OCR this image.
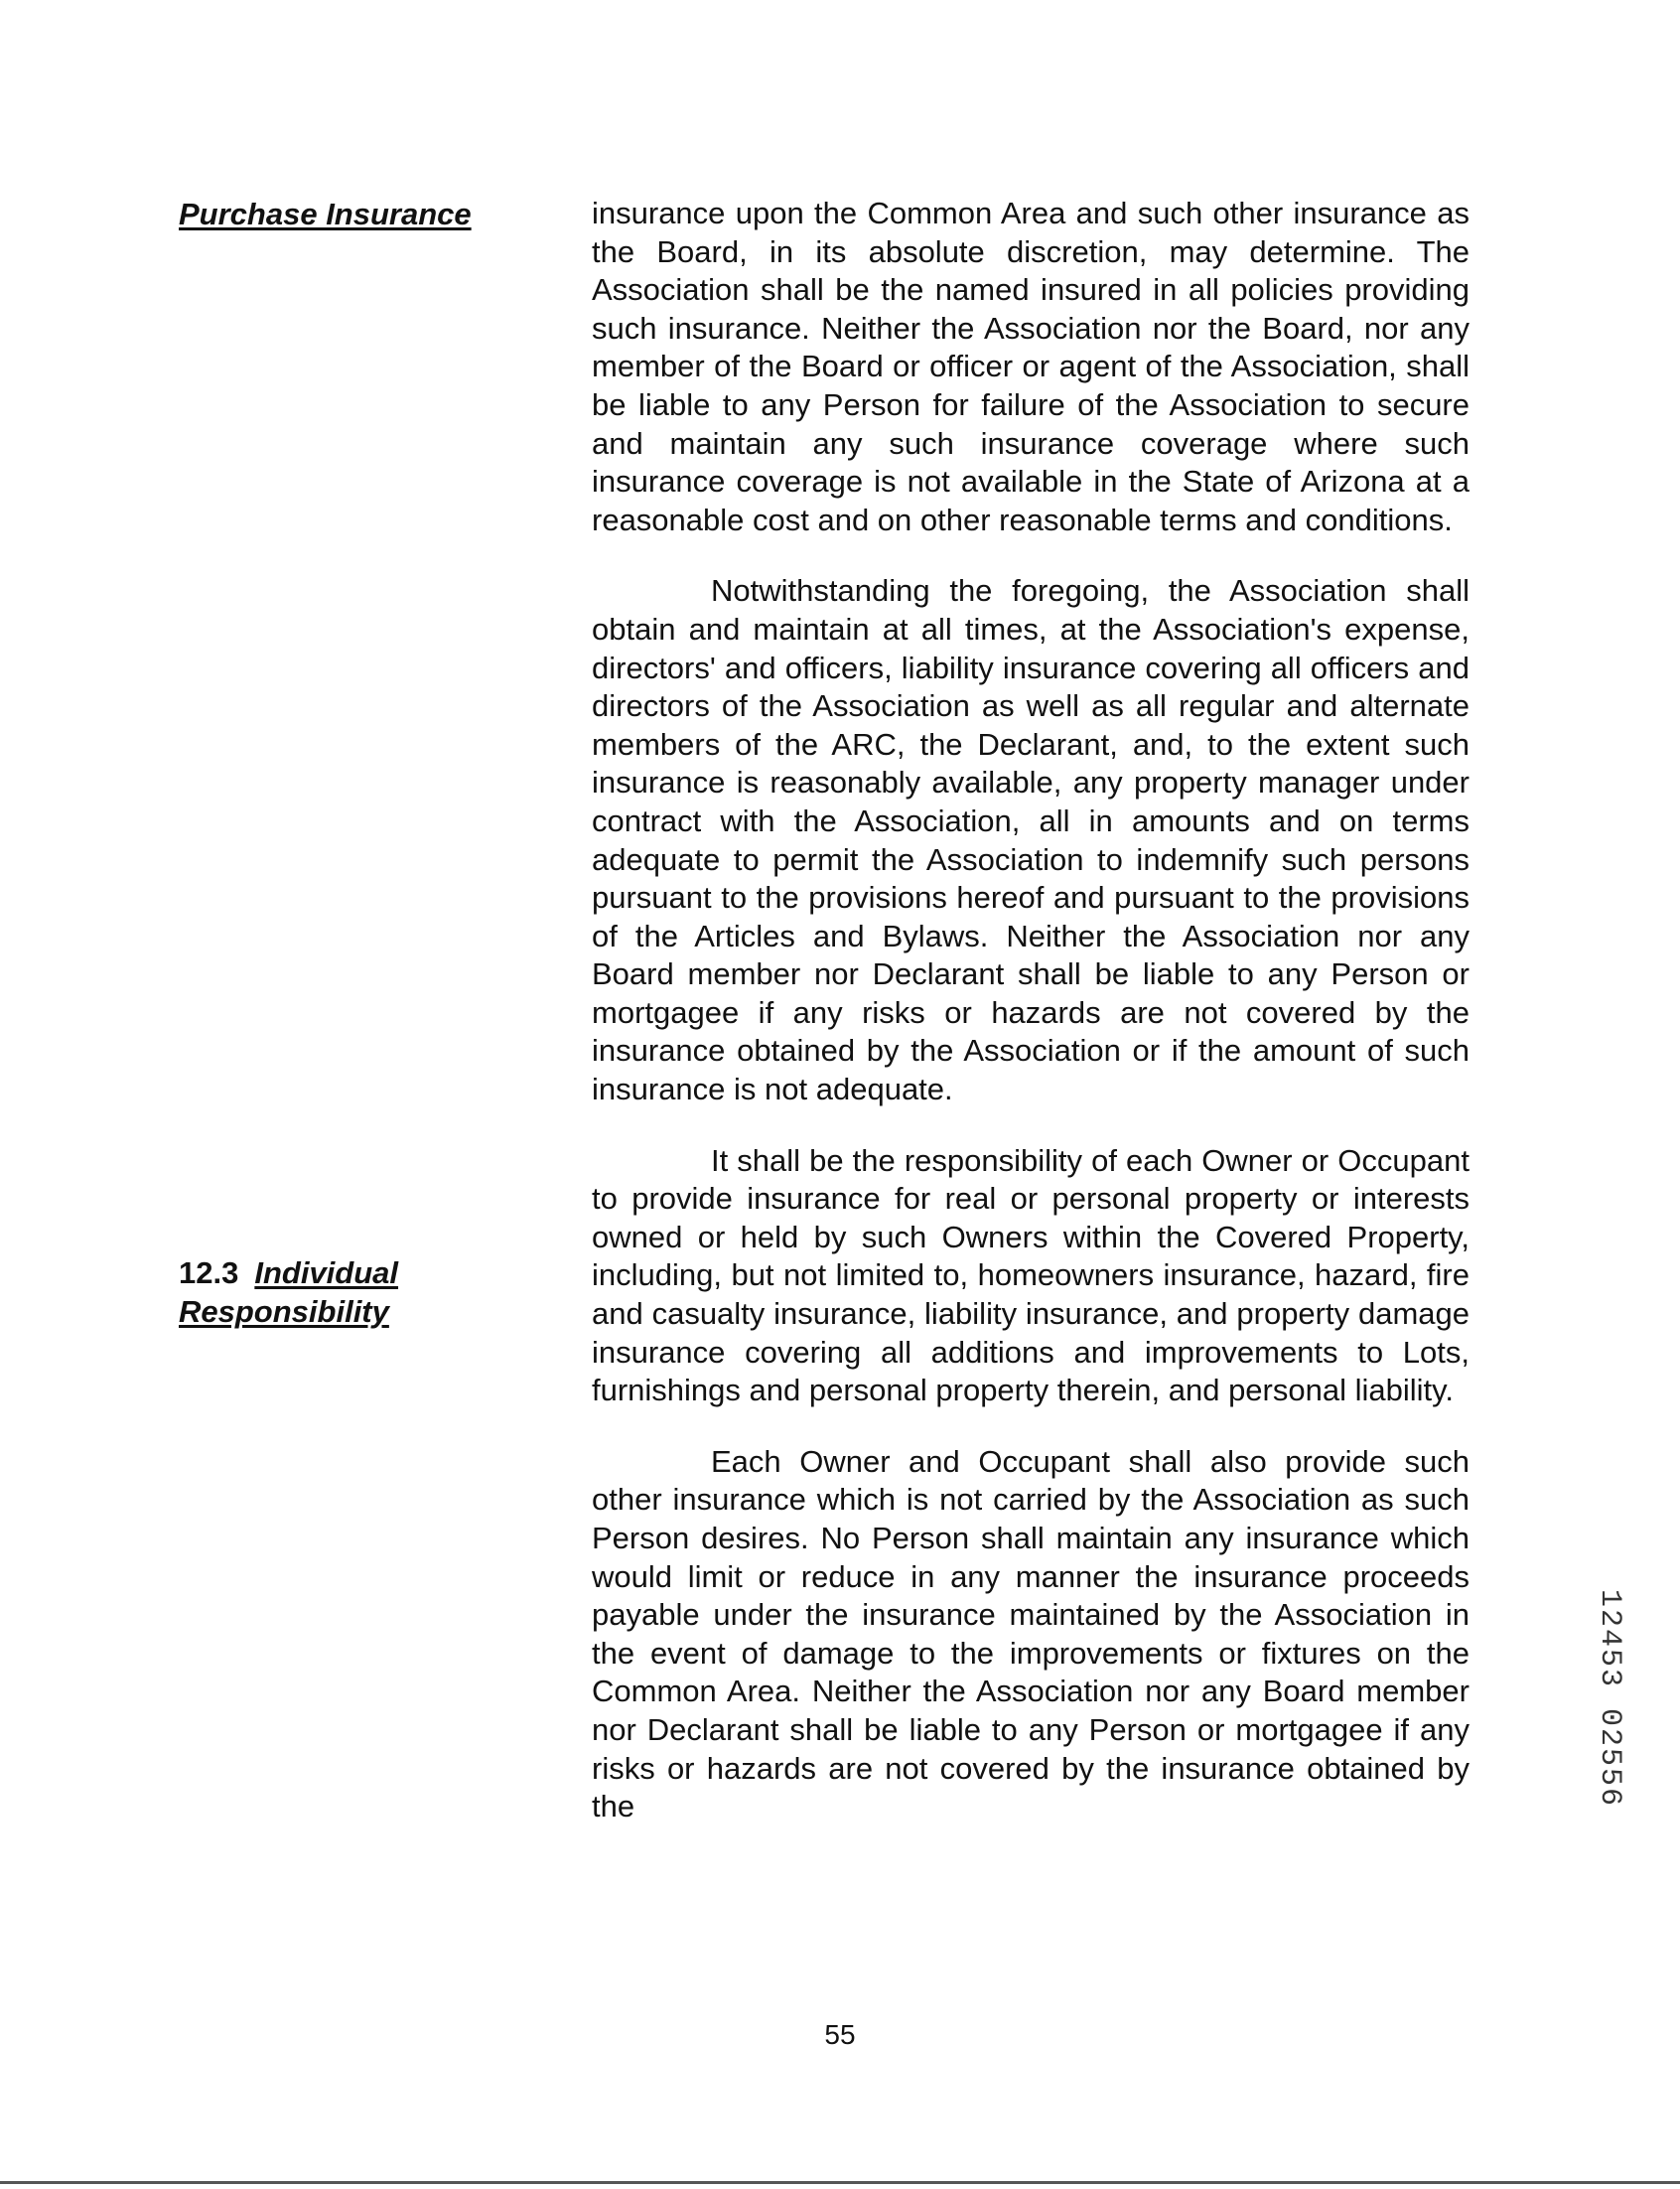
Purchase Insurance

12.3 Individual
Responsibility

insurance upon the Common Area and such other insurance as the Board, in its absolute discretion, may determine. The Association shall be the named insured in all policies providing such insurance. Neither the Association nor the Board, nor any member of the Board or officer or agent of the Association, shall be liable to any Person for failure of the Association to secure and maintain any such insurance coverage where such insurance coverage is not available in the State of Arizona at a reasonable cost and on other reasonable terms and conditions.

Notwithstanding the foregoing, the Association shall obtain and maintain at all times, at the Association's expense, directors' and officers, liability insurance covering all officers and directors of the Association as well as all regular and alternate members of the ARC, the Declarant, and, to the extent such insurance is reasonably available, any property manager under contract with the Association, all in amounts and on terms adequate to permit the Association to indemnify such persons pursuant to the provisions hereof and pursuant to the provisions of the Articles and Bylaws. Neither the Association nor any Board member nor Declarant shall be liable to any Person or mortgagee if any risks or hazards are not covered by the insurance obtained by the Association or if the amount of such insurance is not adequate.

It shall be the responsibility of each Owner or Occupant to provide insurance for real or personal property or interests owned or held by such Owners within the Covered Property, including, but not limited to, homeowners insurance, hazard, fire and casualty insurance, liability insurance, and property damage insurance covering all additions and improvements to Lots, furnishings and personal property therein, and personal liability.

Each Owner and Occupant shall also provide such other insurance which is not carried by the Association as such Person desires. No Person shall maintain any insurance which would limit or reduce in any manner the insurance proceeds payable under the insurance maintained by the Association in the event of damage to the improvements or fixtures on the Common Area. Neither the Association nor any Board member nor Declarant shall be liable to any Person or mortgagee if any risks or hazards are not covered by the insurance obtained by the

55
12453 02556
